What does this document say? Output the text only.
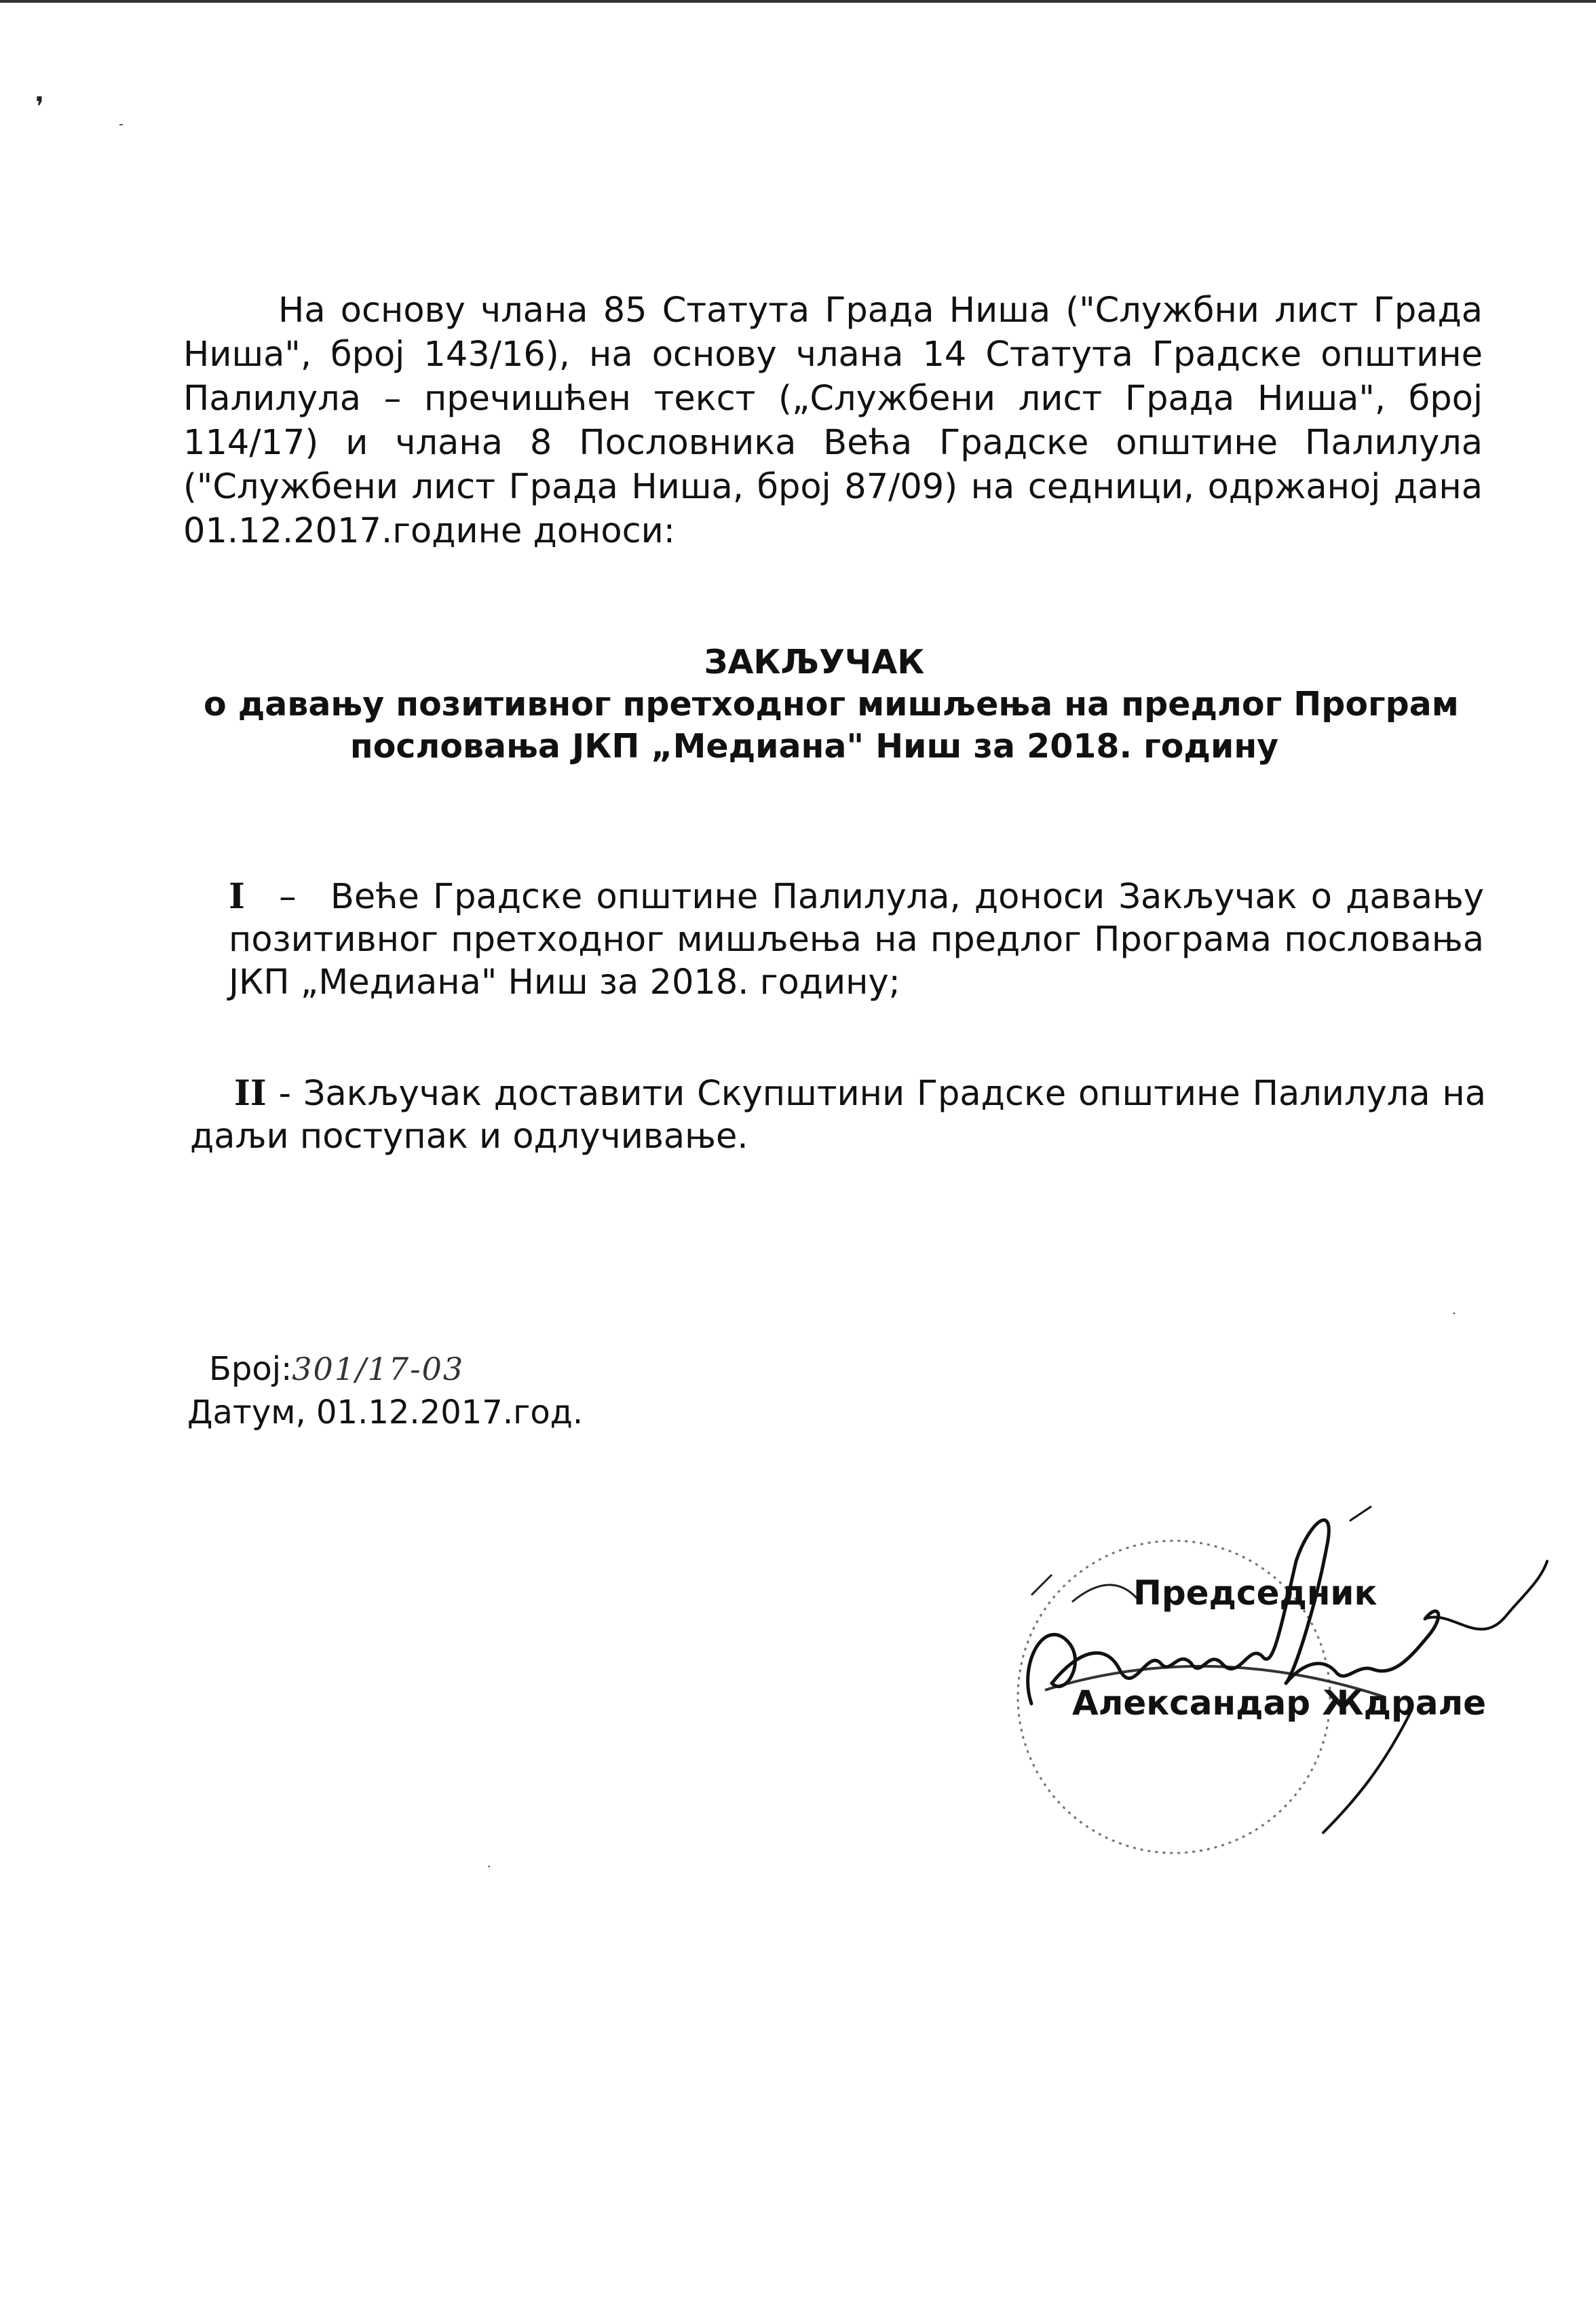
❜
-

На основу члана 85 Статута Града Ниша ("Службни лист Града Ниша", број 143/16), на основу члана 14 Статута Градске општине Палилула – пречишћен текст („Службени лист Града Ниша", број 114/17) и члана 8 Пословника Већа Градске општине Палилула ("Службени лист Града Ниша, број 87/09) на седници, одржаној дана 01.12.2017.године доноси:

ЗАКЉУЧАК
о давању позитивног претходног мишљења на предлог Програм
пословања ЈКП „Медиана" Ниш за 2018. годину
I – Веће Градске општине Палилула, доноси Закључак о давању позитивног претходног мишљења на предлог Програма пословања ЈКП „Медиана" Ниш за 2018. годину;
II - Закључак доставити Скупштини Градске општине Палилула на даљи поступак и одлучивање.
Број:301/17-03
Датум, 01.12.2017.год.
Председник
Александар Ждрале
·
·
